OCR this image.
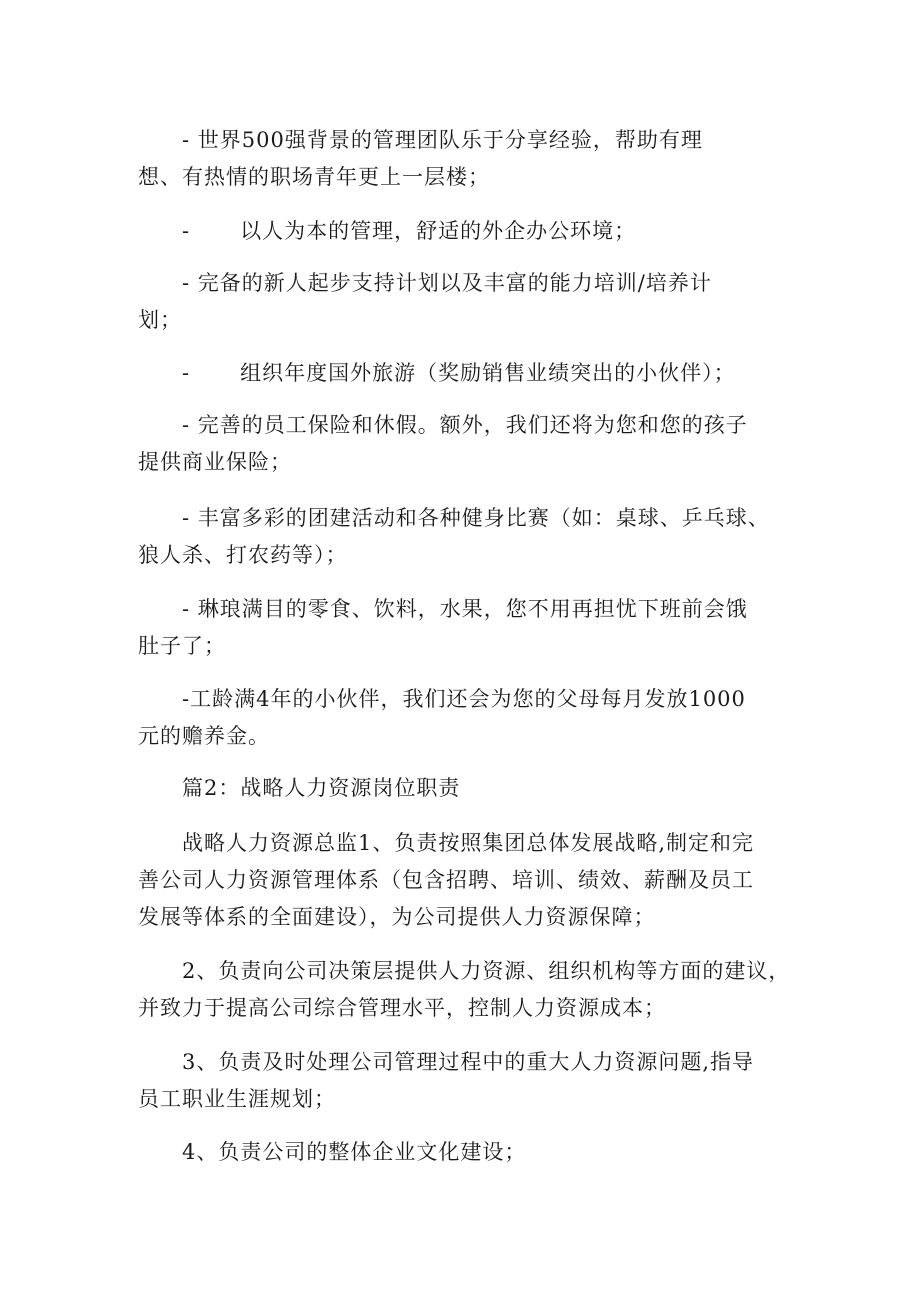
- 世界500强背景的管理团队乐于分享经验，帮助有理
想、有热情的职场青年更上一层楼；

- 以人为本的管理，舒适的外企办公环境；

- 完备的新人起步支持计划以及丰富的能力培训/培养计
划；

- 组织年度国外旅游（奖励销售业绩突出的小伙伴）；

- 完善的员工保险和休假。额外，我们还将为您和您的孩子
提供商业保险；

- 丰富多彩的团建活动和各种健身比赛（如：桌球、乒乓球、
狼人杀、打农药等）；

- 琳琅满目的零食、饮料，水果，您不用再担忧下班前会饿
肚子了；

-工龄满4年的小伙伴，我们还会为您的父母每月发放1000
元的赡养金。

篇2：战略人力资源岗位职责

战略人力资源总监1、负责按照集团总体发展战略,制定和完
善公司人力资源管理体系（包含招聘、培训、绩效、薪酬及员工
发展等体系的全面建设），为公司提供人力资源保障；

2、负责向公司决策层提供人力资源、组织机构等方面的建议，
并致力于提高公司综合管理水平，控制人力资源成本；

3、负责及时处理公司管理过程中的重大人力资源问题,指导
员工职业生涯规划；

4、负责公司的整体企业文化建设；
